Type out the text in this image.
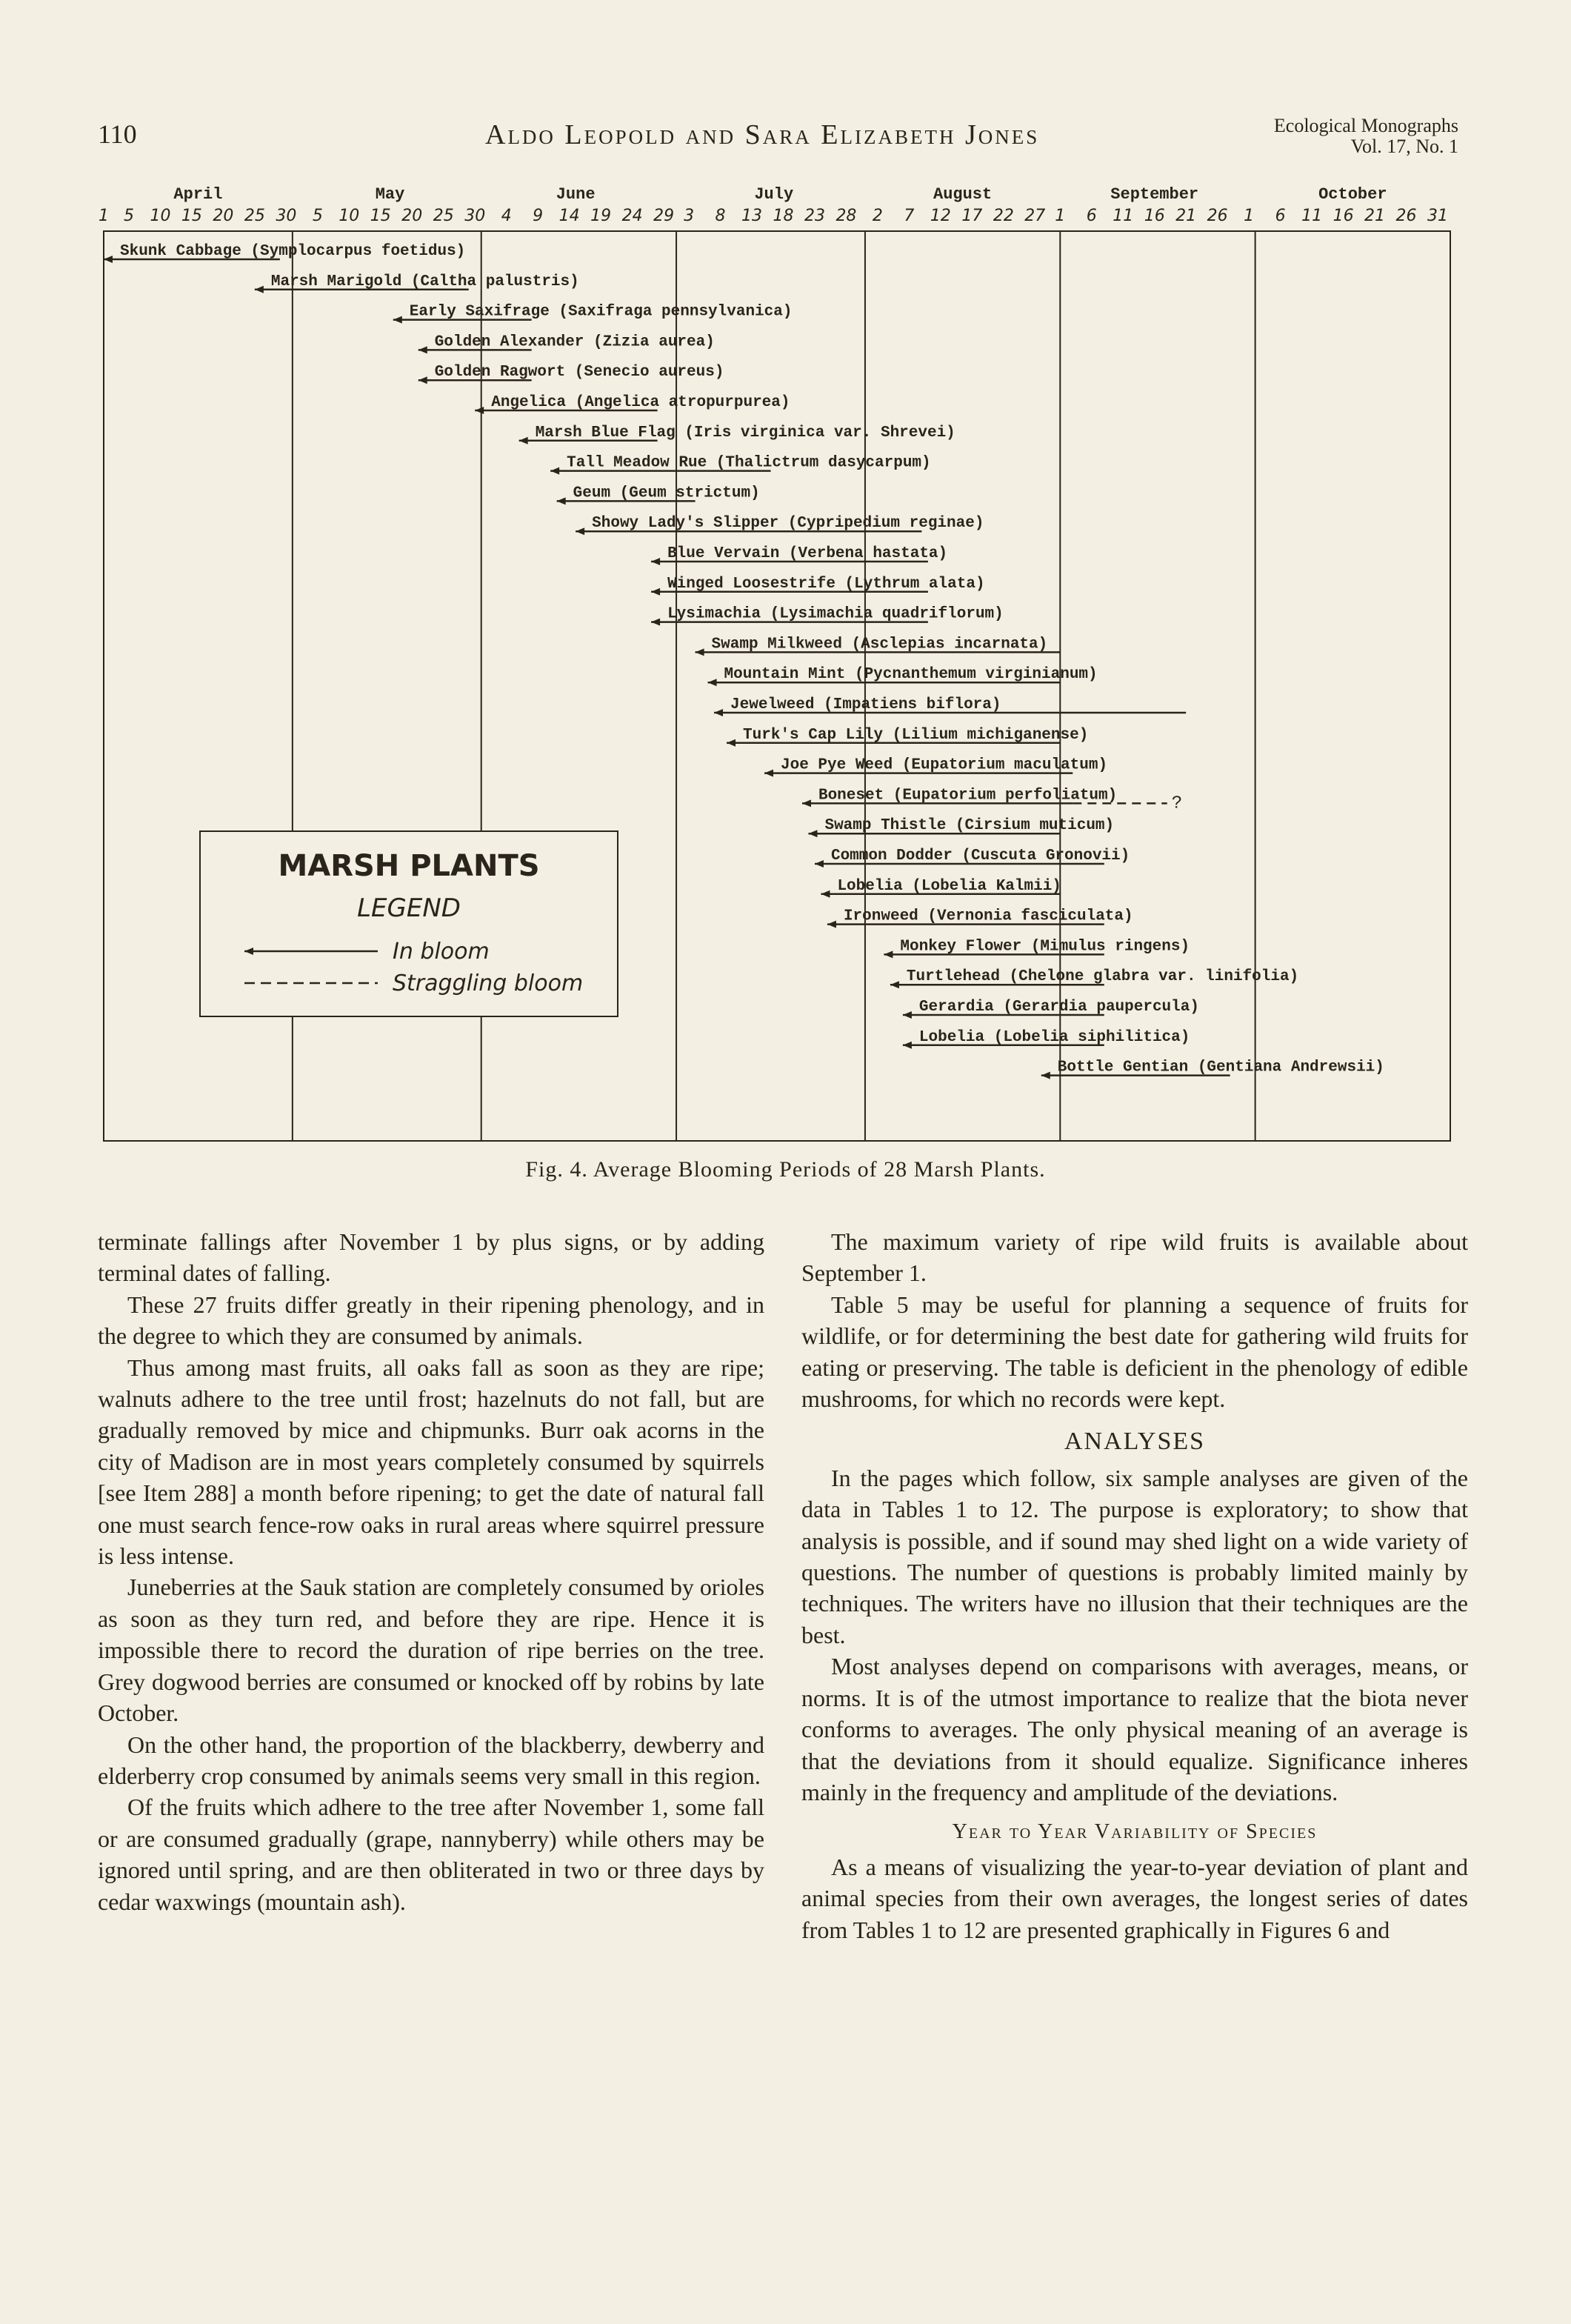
110	Aldo Leopold and Sara Elizabeth Jones	Ecological Monographs
Vol. 17, No. 1
April	May	June	July	August	September	October
1 5 10 15 20 25 30 5 10 15 20 25 30 4 9 14 19 24 29 3 8 13 18 23 28 2 7 12 17 22 27 1 6 11 16 21 26 1 6 11 16 21 26 31
Skunk Cabbage (Symplocarpus foetidus)
Marsh Marigold (Caltha palustris)
Early Saxifrage (Saxifraga pennsylvanica)
Golden Alexander (Zizia aurea)
Golden Ragwort (Senecio aureus)
Angelica (Angelica atropurpurea)
Marsh Blue Flag (Iris virginica var. Shrevei)
Tall Meadow Rue (Thalictrum dasycarpum)
Geum (Geum strictum)
Showy Lady's Slipper (Cypripedium reginae)
Blue Vervain (Verbena hastata)
Winged Loosestrife (Lythrum alata)
Lysimachia (Lysimachia quadriflorum)
Swamp Milkweed (Asclepias incarnata)
Mountain Mint (Pycnanthemum virginianum)
Jewelweed (Impatiens biflora)
Turk's Cap Lily (Lilium michiganense)
Joe Pye Weed (Eupatorium maculatum)
Boneset (Eupatorium perfoliatum)
Swamp Thistle (Cirsium muticum)
Common Dodder (Cuscuta Gronovii)
Lobelia (Lobelia Kalmii)
Ironweed (Vernonia fasciculata)
Monkey Flower (Mimulus ringens)
Turtlehead (Chelone glabra var. linifolia)
Gerardia (Gerardia paupercula)
Lobelia (Lobelia siphilitica)
Bottle Gentian (Gentiana Andrewsii)
?
MARSH PLANTS
LEGEND
In bloom
Straggling bloom
Fig. 4. Average Blooming Periods of 28 Marsh Plants.

terminate fallings after November 1 by plus signs, or by adding terminal dates of falling.

These 27 fruits differ greatly in their ripening phenology, and in the degree to which they are consumed by animals.

Thus among mast fruits, all oaks fall as soon as they are ripe; walnuts adhere to the tree until frost; hazelnuts do not fall, but are gradually removed by mice and chipmunks. Burr oak acorns in the city of Madison are in most years completely consumed by squirrels [see Item 288] a month before ripening; to get the date of natural fall one must search fence-row oaks in rural areas where squirrel pressure is less intense.

Juneberries at the Sauk station are completely consumed by orioles as soon as they turn red, and before they are ripe. Hence it is impossible there to record the duration of ripe berries on the tree. Grey dogwood berries are consumed or knocked off by robins by late October.

On the other hand, the proportion of the blackberry, dewberry and elderberry crop consumed by animals seems very small in this region.

Of the fruits which adhere to the tree after November 1, some fall or are consumed gradually (grape, nannyberry) while others may be ignored until spring, and are then obliterated in two or three days by cedar waxwings (mountain ash).

The maximum variety of ripe wild fruits is available about September 1.

Table 5 may be useful for planning a sequence of fruits for wildlife, or for determining the best date for gathering wild fruits for eating or preserving. The table is deficient in the phenology of edible mushrooms, for which no records were kept.

ANALYSES

In the pages which follow, six sample analyses are given of the data in Tables 1 to 12. The purpose is exploratory; to show that analysis is possible, and if sound may shed light on a wide variety of questions. The number of questions is probably limited mainly by techniques. The writers have no illusion that their techniques are the best.

Most analyses depend on comparisons with averages, means, or norms. It is of the utmost importance to realize that the biota never conforms to averages. The only physical meaning of an average is that the deviations from it should equalize. Significance inheres mainly in the frequency and amplitude of the deviations.

Year to Year Variability of Species

As a means of visualizing the year-to-year deviation of plant and animal species from their own averages, the longest series of dates from Tables 1 to 12 are presented graphically in Figures 6 and
